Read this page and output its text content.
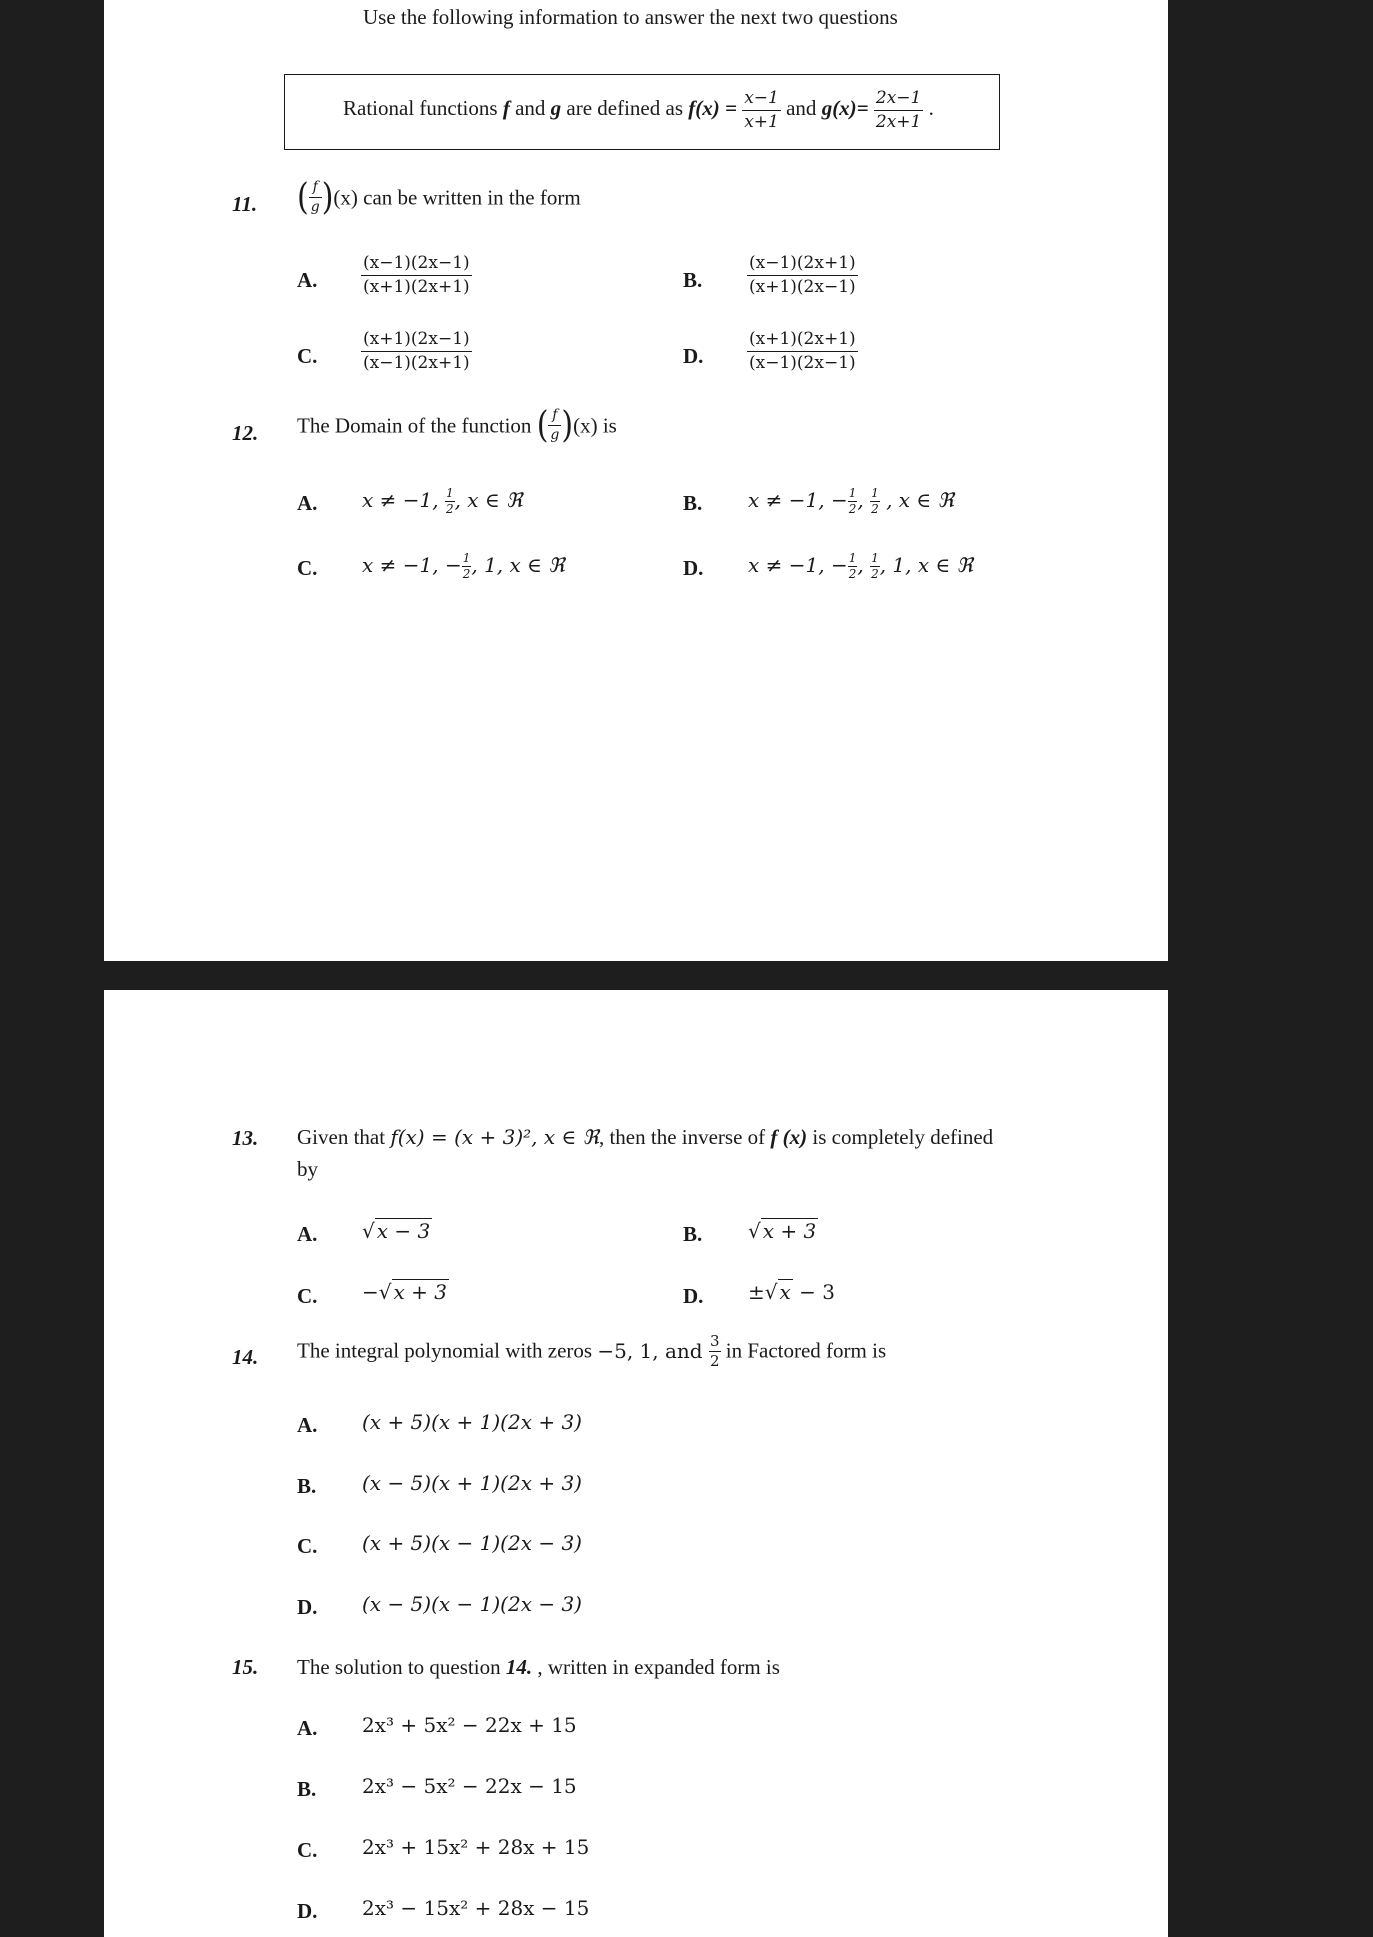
Use the following information to answer the next two questions
Rational functions f and g are defined as $f(x) = \frac{x-1}{x+1}$ and $g(x)= \frac{2x-1}{2x+1}$ .
11. ( $\frac{f}{g} )(x)$ can be written in the form
A.	$\frac{(x-1)(2x-1)}{(x+1)(2x+1)}$	B.	$\frac{(x-1)(2x+1)}{(x+1)(2x-1)}$
C.	$\frac{(x+1)(2x-1)}{(x-1)(2x+1)}$	D.	$\frac{(x+1)(2x+1)}{(x-1)(2x-1)}$
12. The Domain of the function ( $\frac{f}{g} )(x)$ is
A. x ≠ −1, $\frac{1}{2}$ , x ∈ ℜ	B. x ≠ −1, − $\frac{1}{2}$ , $\frac{1}{2}$ , x ∈ ℜ
C. x ≠ −1, − $\frac{1}{2}$ , 1, x ∈ ℜ	D. x ≠ −1, − $\frac{1}{2}$ , $\frac{1}{2}$ , 1, x ∈ ℜ
13. Given that f(x) = (x + 3)², x ∈ ℜ, then the inverse of f (x) is completely defined
by
A. √ x − 3	B. √ x + 3
C. −√ x + 3	D. ±√ x − 3
14. The integral polynomial with zeros −5, 1, and $\frac{3}{2}$ in Factored form is
A. (x + 5)(x + 1)(2x + 3)
B. (x − 5)(x + 1)(2x + 3)
C. (x + 5)(x − 1)(2x − 3)
D. (x − 5)(x − 1)(2x − 3)
15. The solution to question 14. , written in expanded form is
A. 2x³ + 5x² − 22x + 15
B. 2x³ − 5x² − 22x − 15
C. 2x³ + 15x² + 28x + 15
D. 2x³ − 15x² + 28x − 15
